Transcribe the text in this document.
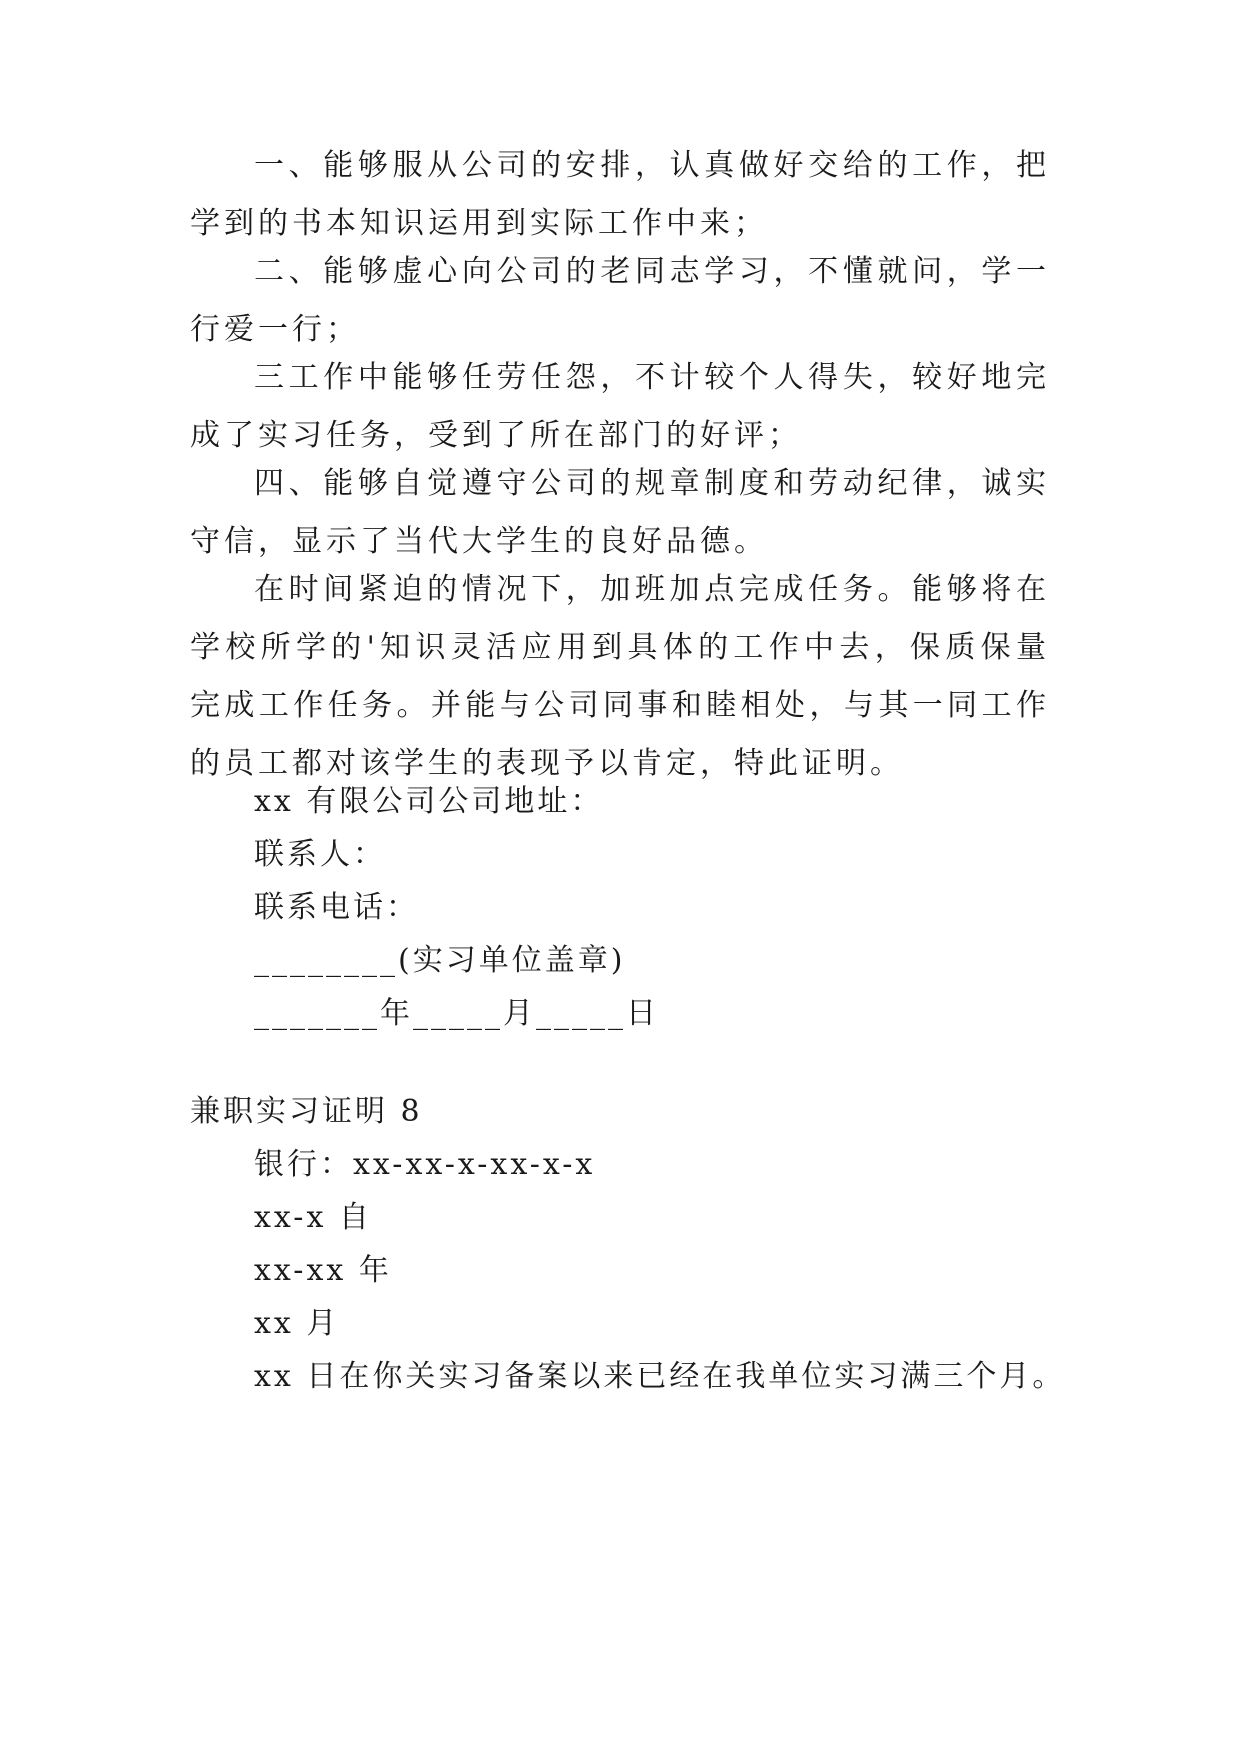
一、能够服从公司的安排，认真做好交给的工作，把学到的书本知识运用到实际工作中来；

二、能够虚心向公司的老同志学习，不懂就问，学一行爱一行；

三工作中能够任劳任怨，不计较个人得失，较好地完成了实习任务，受到了所在部门的好评；

四、能够自觉遵守公司的规章制度和劳动纪律，诚实守信，显示了当代大学生的良好品德。

在时间紧迫的情况下，加班加点完成任务。能够将在学校所学的'知识灵活应用到具体的工作中去，保质保量完成工作任务。并能与公司同事和睦相处，与其一同工作的员工都对该学生的表现予以肯定，特此证明。

xx 有限公司公司地址：

联系人：

联系电话：

________(实习单位盖章)

_______年_____月_____日

兼职实习证明 8

银行：xx-xx-x-xx-x-x

xx-x 自

xx-xx 年

xx 月

xx 日在你关实习备案以来已经在我单位实习满三个月。
